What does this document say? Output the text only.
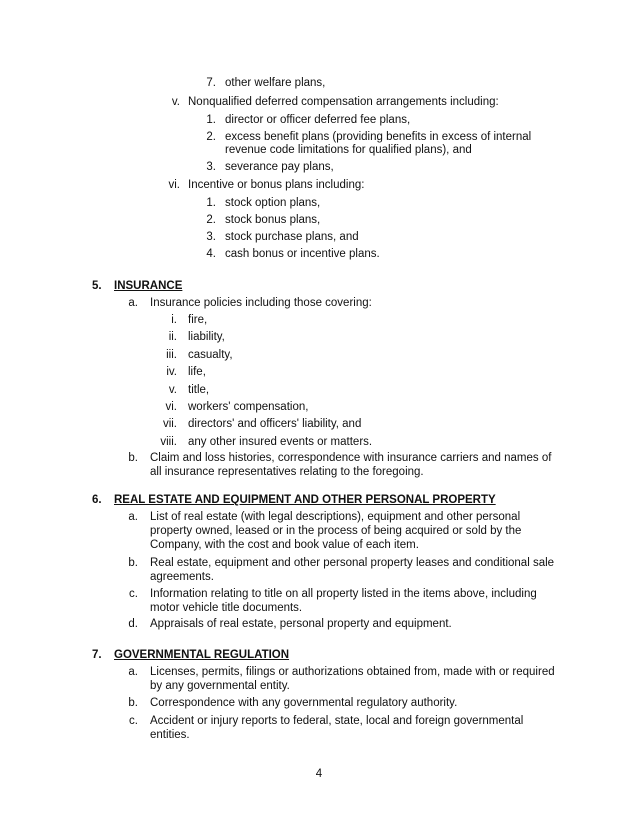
7. other welfare plans,
v. Nonqualified deferred compensation arrangements including:
1. director or officer deferred fee plans,
2. excess benefit plans (providing benefits in excess of internal
revenue code limitations for qualified plans), and
3. severance pay plans,
vi. Incentive or bonus plans including:
1. stock option plans,
2. stock bonus plans,
3. stock purchase plans, and
4. cash bonus or incentive plans.
5. INSURANCE
a. Insurance policies including those covering:
i. fire,
ii. liability,
iii. casualty,
iv. life,
v. title,
vi. workers' compensation,
vii. directors' and officers' liability, and
viii. any other insured events or matters.
b. Claim and loss histories, correspondence with insurance carriers and names of
all insurance representatives relating to the foregoing.
6. REAL ESTATE AND EQUIPMENT AND OTHER PERSONAL PROPERTY
a. List of real estate (with legal descriptions), equipment and other personal
property owned, leased or in the process of being acquired or sold by the
Company, with the cost and book value of each item.
b. Real estate, equipment and other personal property leases and conditional sale
agreements.
c. Information relating to title on all property listed in the items above, including
motor vehicle title documents.
d. Appraisals of real estate, personal property and equipment.
7. GOVERNMENTAL REGULATION
a. Licenses, permits, filings or authorizations obtained from, made with or required
by any governmental entity.
b. Correspondence with any governmental regulatory authority.
c. Accident or injury reports to federal, state, local and foreign governmental
entities.
4
